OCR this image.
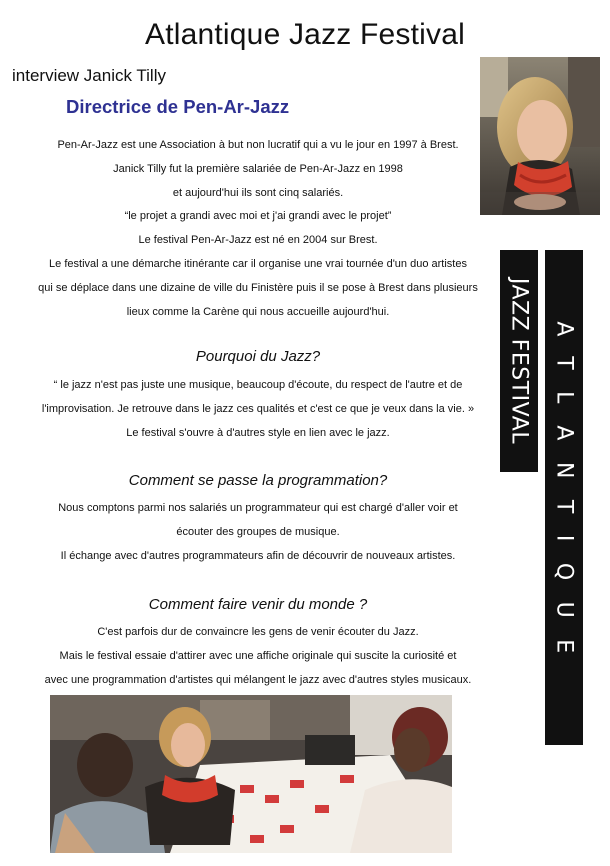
Atlantique Jazz Festival
interview Janick Tilly
Directrice de Pen-Ar-Jazz

Pen-Ar-Jazz est une Association à but non lucratif qui a vu le jour en 1997 à Brest.

Janick Tilly fut la première salariée de Pen-Ar-Jazz en 1998

et aujourd'hui ils sont cinq salariés.

“le projet a grandi avec moi et j'ai grandi avec le projet”

Le festival Pen-Ar-Jazz est né en 2004 sur Brest.

Le festival a une démarche itinérante car il organise une vrai tournée d'un duo artistes

qui se déplace dans une dizaine de ville du Finistère puis il se pose à Brest dans plusieurs

lieux comme la Carène qui nous accueille aujourd'hui.

Pourquoi du Jazz?

“ le jazz n'est pas juste une musique, beaucoup d'écoute, du respect de l'autre et de

l'improvisation. Je retrouve dans le jazz ces qualités et c'est ce que je veux dans la vie. »

Le festival s'ouvre à d'autres style en lien avec le jazz.

Comment se passe la programmation?

Nous comptons parmi nos salariés un programmateur qui est chargé d'aller voir et

écouter des groupes de musique.

Il échange avec d'autres programmateurs afin de découvrir de nouveaux artistes.

Comment faire venir du monde ?

C'est parfois dur de convaincre les gens de venir écouter du Jazz.

Mais le festival essaie d'attirer avec une affiche originale qui suscite la curiosité et

avec une programmation d'artistes qui mélangent le jazz avec d'autres styles musicaux.

JAZZ FESTIVAL ATLANTIQUE
